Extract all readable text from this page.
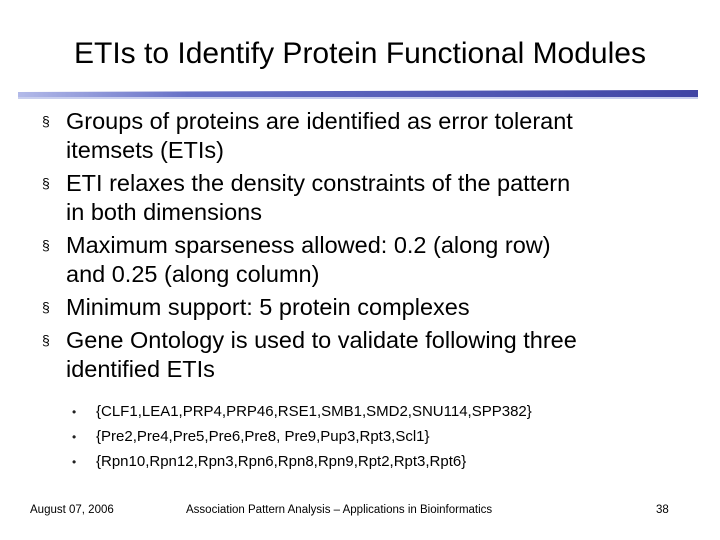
ETIs to Identify Protein Functional Modules
§ Groups of proteins are identified as error tolerant
itemsets (ETIs)
§ ETI relaxes the density constraints of the pattern
in both dimensions
§ Maximum sparseness allowed: 0.2 (along row)
and 0.25 (along column)
§ Minimum support: 5 protein complexes
§ Gene Ontology is used to validate following three
identified ETIs
• {CLF1,LEA1,PRP4,PRP46,RSE1,SMB1,SMD2,SNU114,SPP382}
• {Pre2,Pre4,Pre5,Pre6,Pre8, Pre9,Pup3,Rpt3,Scl1}
• {Rpn10,Rpn12,Rpn3,Rpn6,Rpn8,Rpn9,Rpt2,Rpt3,Rpt6}
August 07, 2006	Association Pattern Analysis – Applications in Bioinformatics	38
